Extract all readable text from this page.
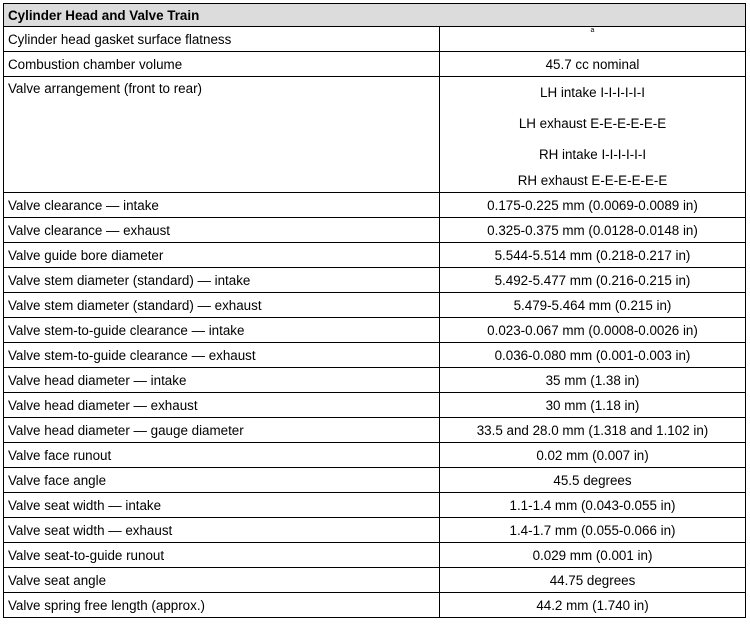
Cylinder Head and Valve Train	
Cylinder head gasket surface flatness	a
Combustion chamber volume	45.7 cc nominal
Valve arrangement (front to rear)	LH intake I-I-I-I-I-I
LH exhaust E-E-E-E-E-E
RH intake I-I-I-I-I-I
RH exhaust E-E-E-E-E-E

Valve clearance — intake	0.175-0.225 mm (0.0069-0.0089 in)
Valve clearance — exhaust	0.325-0.375 mm (0.0128-0.0148 in)
Valve guide bore diameter	5.544-5.514 mm (0.218-0.217 in)
Valve stem diameter (standard) — intake	5.492-5.477 mm (0.216-0.215 in)
Valve stem diameter (standard) — exhaust	5.479-5.464 mm (0.215 in)
Valve stem-to-guide clearance — intake	0.023-0.067 mm (0.0008-0.0026 in)
Valve stem-to-guide clearance — exhaust	0.036-0.080 mm (0.001-0.003 in)
Valve head diameter — intake	35 mm (1.38 in)
Valve head diameter — exhaust	30 mm (1.18 in)
Valve head diameter — gauge diameter	33.5 and 28.0 mm (1.318 and 1.102 in)
Valve face runout	0.02 mm (0.007 in)
Valve face angle	45.5 degrees
Valve seat width — intake	1.1-1.4 mm (0.043-0.055 in)
Valve seat width — exhaust	1.4-1.7 mm (0.055-0.066 in)
Valve seat-to-guide runout	0.029 mm (0.001 in)
Valve seat angle	44.75 degrees
Valve spring free length (approx.)	44.2 mm (1.740 in)
